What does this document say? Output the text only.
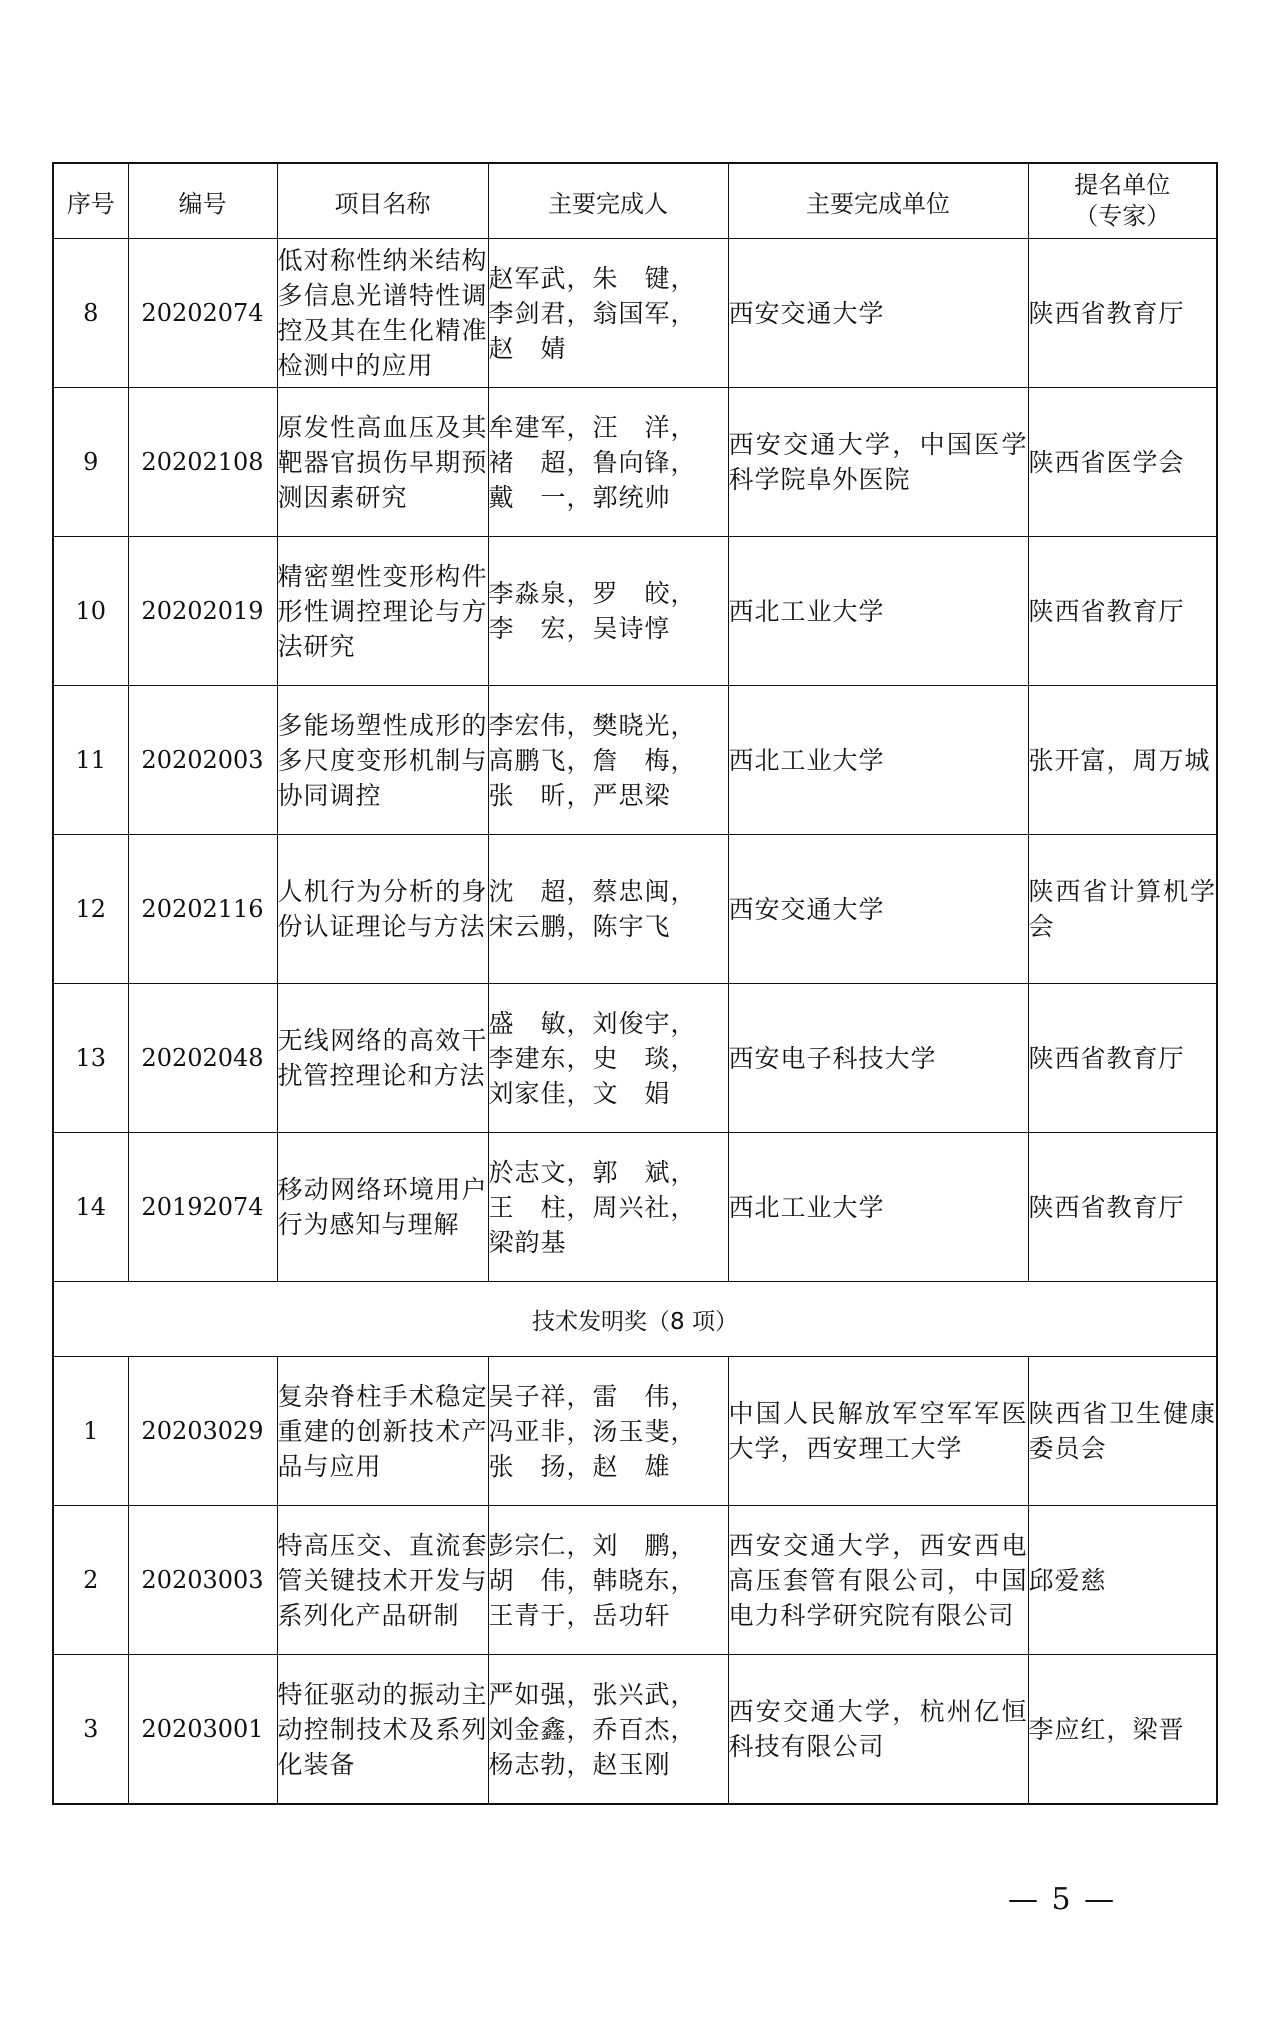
序号	编号	项目名称	主要完成人	主要完成单位	提名单位
（专家）

8	20202074	低对称性纳米结构多信息光谱特性调控及其在生化精准检测中的应用	赵军武，朱　键，
李剑君，翁国军，
赵　婧	西安交通大学	陕西省教育厅
9	20202108	原发性高血压及其靶器官损伤早期预测因素研究	牟建军，汪　洋，
褚　超，鲁向锋，
戴　一，郭统帅	西安交通大学，中国医学科学院阜外医院	陕西省医学会
10	20202019	精密塑性变形构件形性调控理论与方法研究	李淼泉，罗　皎，
李　宏，吴诗惇	西北工业大学	陕西省教育厅
11	20202003	多能场塑性成形的多尺度变形机制与协同调控	李宏伟，樊晓光，
高鹏飞，詹　梅，
张　昕，严思梁	西北工业大学	张开富，周万城
12	20202116	人机行为分析的身份认证理论与方法	沈　超，蔡忠闽，
宋云鹏，陈宇飞	西安交通大学	陕西省计算机学会
13	20202048	无线网络的高效干扰管控理论和方法	盛　敏，刘俊宇，
李建东，史　琰，
刘家佳，文　娟	西安电子科技大学	陕西省教育厅
14	20192074	移动网络环境用户行为感知与理解	於志文，郭　斌，
王　柱，周兴社，
梁韵基	西北工业大学	陕西省教育厅
技术发明奖（8 项）					
1	20203029	复杂脊柱手术稳定重建的创新技术产品与应用	吴子祥，雷　伟，
冯亚非，汤玉斐，
张　扬，赵　雄	中国人民解放军空军军医大学，西安理工大学	陕西省卫生健康委员会
2	20203003	特高压交、直流套管关键技术开发与系列化产品研制	彭宗仁，刘　鹏，
胡　伟，韩晓东，
王青于，岳功轩	西安交通大学，西安西电高压套管有限公司，中国电力科学研究院有限公司	邱爱慈
3	20203001	特征驱动的振动主动控制技术及系列化装备	严如强，张兴武，
刘金鑫，乔百杰，
杨志勃，赵玉刚	西安交通大学，杭州亿恒科技有限公司	李应红，梁晋
— 5 —
